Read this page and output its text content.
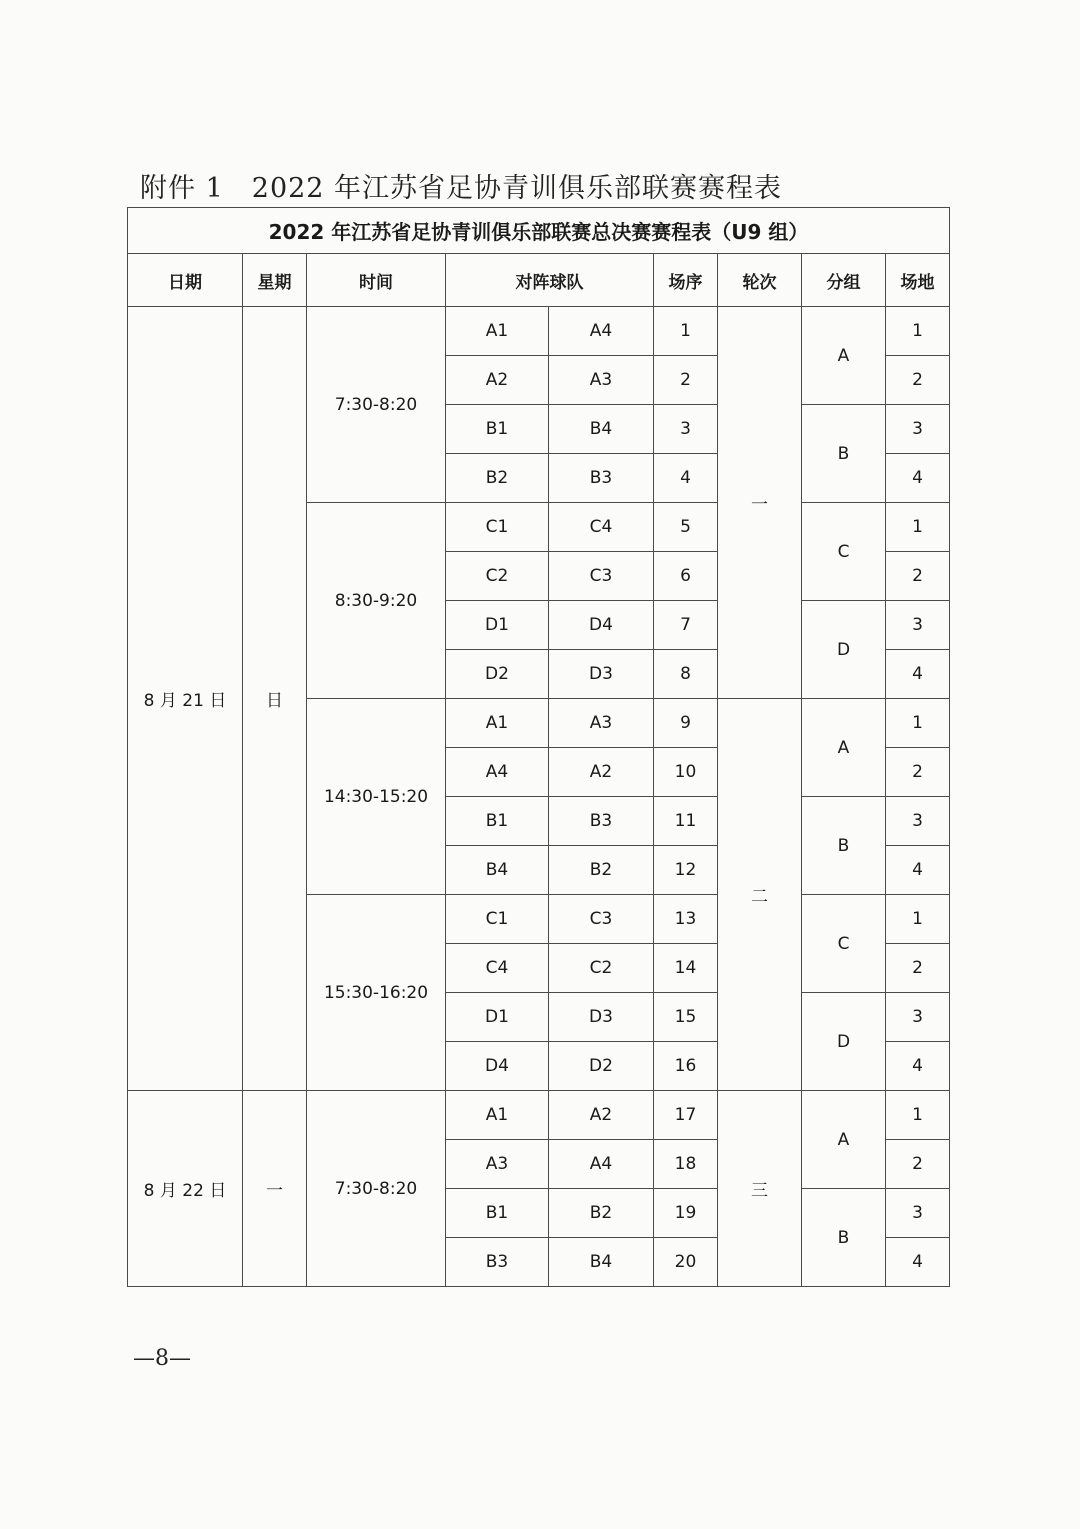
附件 1　2022 年江苏省足协青训俱乐部联赛赛程表
2022 年江苏省足协青训俱乐部联赛总决赛赛程表（U9 组）								
日期	星期	时间	对阵球队		场序	轮次	分组	场地
8 月 21 日	日	7:30-8:20	A1	A4	1	一	A	1
			A2	A3	2			2
			B1	B4	3		B	3
			B2	B3	4			4
		8:30-9:20	C1	C4	5		C	1
			C2	C3	6			2
			D1	D4	7		D	3
			D2	D3	8			4
		14:30-15:20	A1	A3	9	二	A	1
			A4	A2	10			2
			B1	B3	11		B	3
			B4	B2	12			4
		15:30-16:20	C1	C3	13		C	1
			C4	C2	14			2
			D1	D3	15		D	3
			D4	D2	16			4
8 月 22 日	一	7:30-8:20	A1	A2	17	三	A	1
			A3	A4	18			2
			B1	B2	19		B	3
			B3	B4	20			4
—8—
